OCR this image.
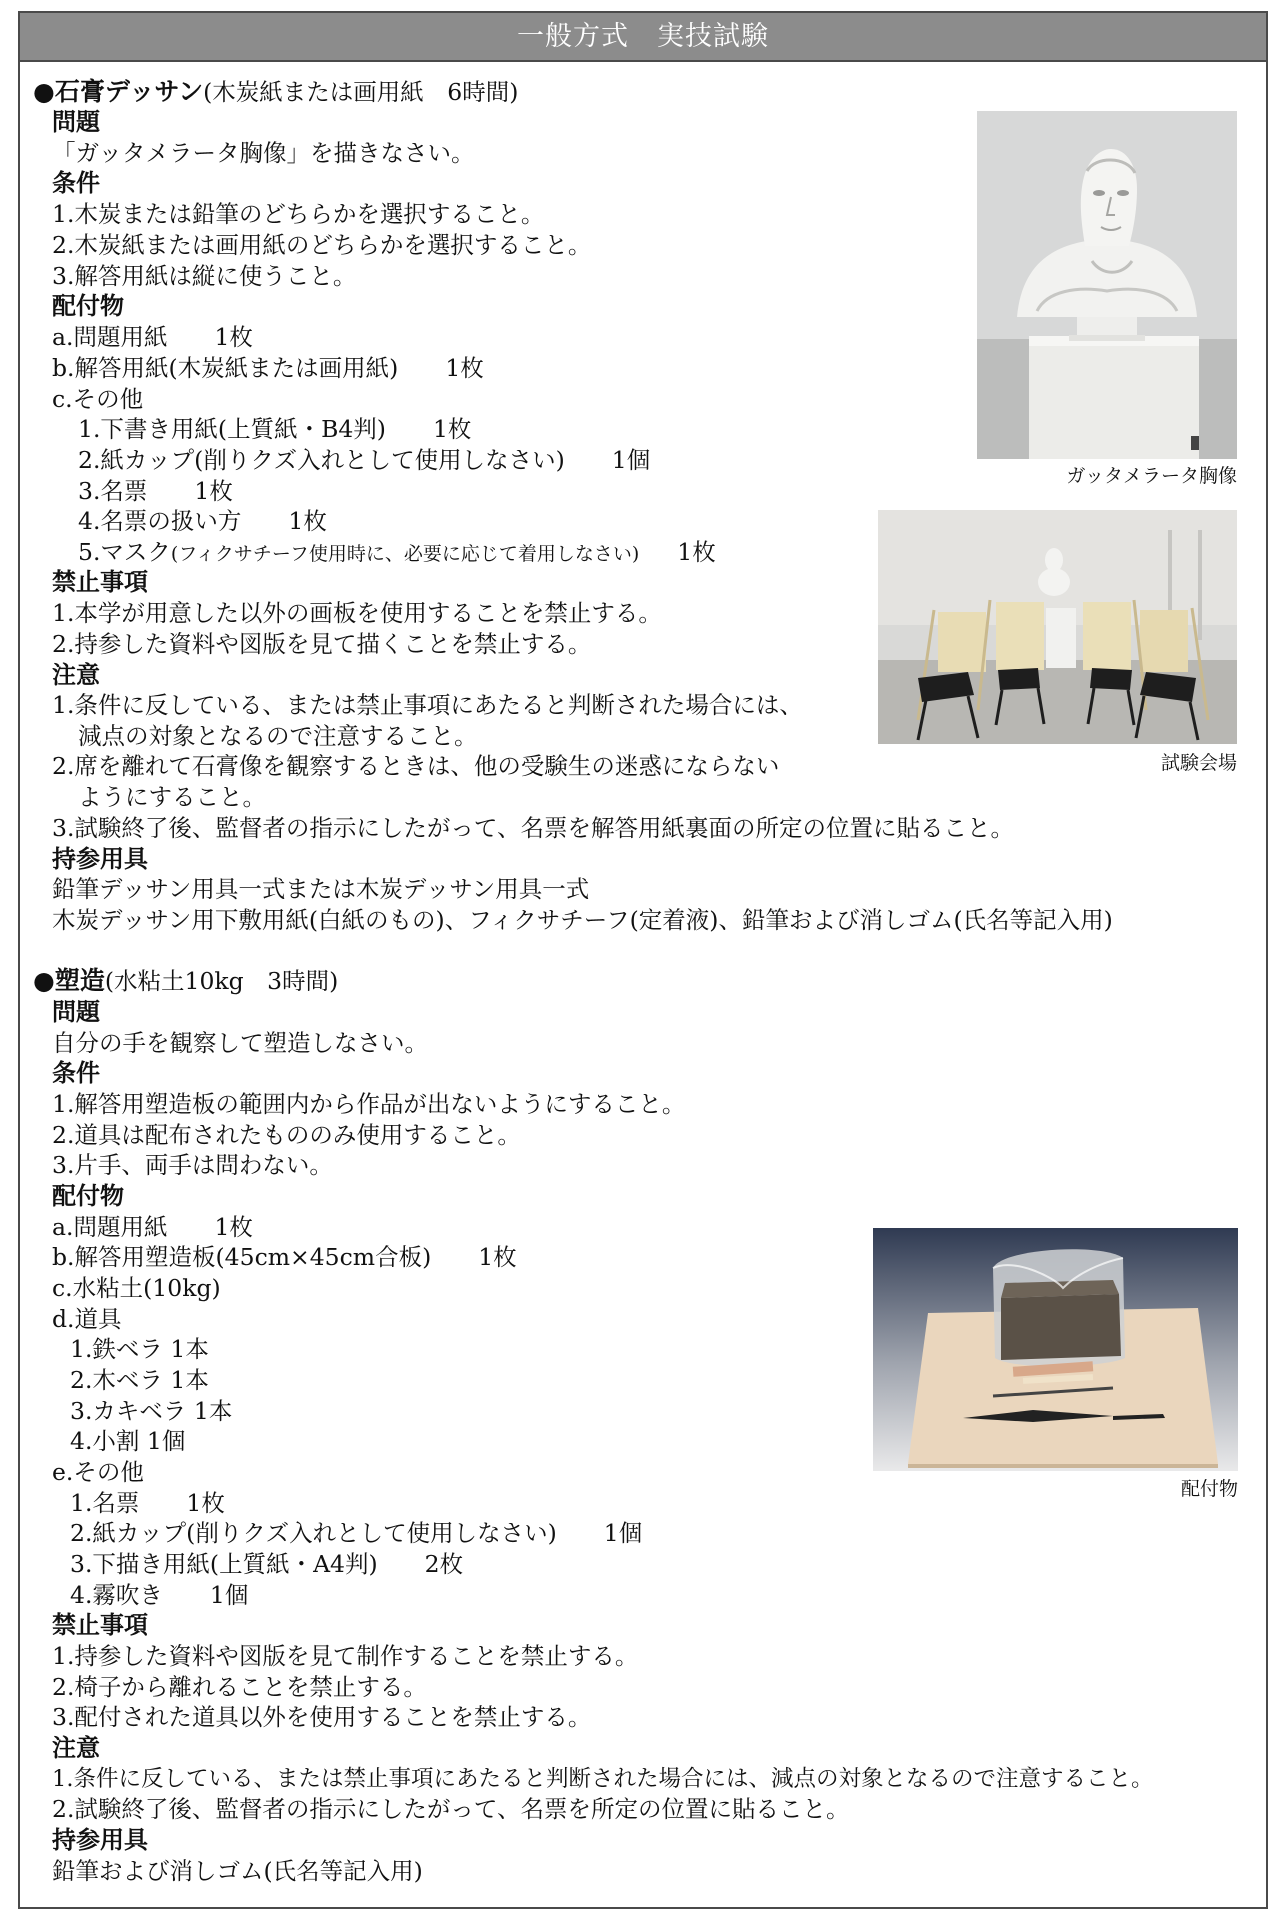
一般方式　実技試験
●石膏デッサン(木炭紙または画用紙　6時間)
問題
「ガッタメラータ胸像」を描きなさい。
条件
1.木炭または鉛筆のどちらかを選択すること。
2.木炭紙または画用紙のどちらかを選択すること。
3.解答用紙は縦に使うこと。
配付物
a.問題用紙　　1枚
b.解答用紙(木炭紙または画用紙)　　1枚
c.その他
1.下書き用紙(上質紙・B4判)　　1枚
2.紙カップ(削りクズ入れとして使用しなさい)　　1個
3.名票　　1枚
4.名票の扱い方　　1枚
5.マスク(フィクサチーフ使用時に、必要に応じて着用しなさい) 1枚
禁止事項
1.本学が用意した以外の画板を使用することを禁止する。
2.持参した資料や図版を見て描くことを禁止する。
注意
1.条件に反している、または禁止事項にあたると判断された場合には、
減点の対象となるので注意すること。
2.席を離れて石膏像を観察するときは、他の受験生の迷惑にならない
ようにすること。
3.試験終了後、監督者の指示にしたがって、名票を解答用紙裏面の所定の位置に貼ること。
持参用具
鉛筆デッサン用具一式または木炭デッサン用具一式
木炭デッサン用下敷用紙(白紙のもの)、フィクサチーフ(定着液)、鉛筆および消しゴム(氏名等記入用)
ガッタメラータ胸像
試験会場
●塑造(水粘土10kg　3時間)
問題
自分の手を観察して塑造しなさい。
条件
1.解答用塑造板の範囲内から作品が出ないようにすること。
2.道具は配布されたもののみ使用すること。
3.片手、両手は問わない。
配付物
a.問題用紙　　1枚
b.解答用塑造板(45cm×45cm合板)　　1枚
c.水粘土(10kg)
d.道具
1.鉄ベラ 1本
2.木ベラ 1本
3.カキベラ 1本
4.小割 1個
e.その他
1.名票　　1枚
2.紙カップ(削りクズ入れとして使用しなさい)　　1個
3.下描き用紙(上質紙・A4判)　　2枚
4.霧吹き　　1個
禁止事項
1.持参した資料や図版を見て制作することを禁止する。
2.椅子から離れることを禁止する。
3.配付された道具以外を使用することを禁止する。
注意
1.条件に反している、または禁止事項にあたると判断された場合には、減点の対象となるので注意すること。
2.試験終了後、監督者の指示にしたがって、名票を所定の位置に貼ること。
持参用具
鉛筆および消しゴム(氏名等記入用)
配付物
